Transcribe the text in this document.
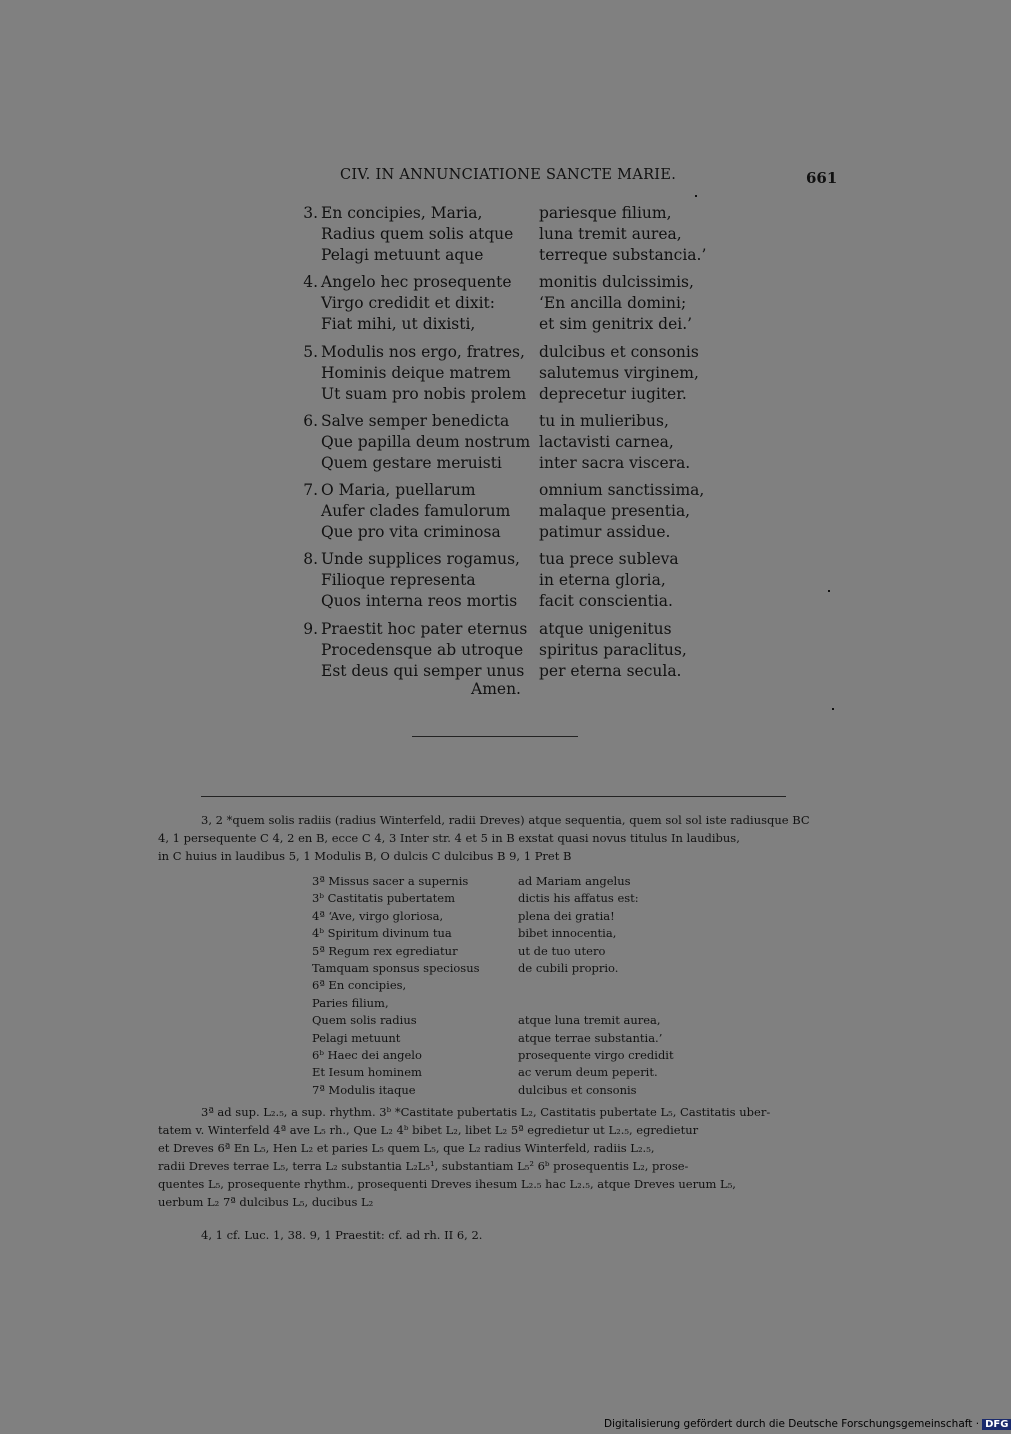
CIV. IN ANNUNCIATIONE SANCTE MARIE.	661
3. En concipies, Maria,
Radius quem solis atque
Pelagi metuunt aque
pariesque filium,
luna tremit aurea,
terreque substancia.’
4. Angelo hec prosequente
Virgo credidit et dixit:
Fiat mihi, ut dixisti,
monitis dulcissimis,
‘En ancilla domini;
et sim genitrix dei.’
5. Modulis nos ergo, fratres,
Hominis deique matrem
Ut suam pro nobis prolem
dulcibus et consonis
salutemus virginem,
deprecetur iugiter.
6. Salve semper benedicta
Que papilla deum nostrum
Quem gestare meruisti
tu in mulieribus,
lactavisti carnea,
inter sacra viscera.
7. O Maria, puellarum
Aufer clades famulorum
Que pro vita criminosa
omnium sanctissima,
malaque presentia,
patimur assidue.
8. Unde supplices rogamus,
Filioque representa
Quos interna reos mortis
tua prece subleva
in eterna gloria,
facit conscientia.
9. Praestit hoc pater eternus
Procedensque ab utroque
Est deus qui semper unus
atque unigenitus
spiritus paraclitus,
per eterna secula.
Amen.
3, 2 *quem solis radiis (radius Winterfeld, radii Dreves) atque sequentia, quem sol sol iste radiusque BC
4, 1 persequente C 4, 2 en B, ecce C 4, 3 Inter str. 4 et 5 in B exstat quasi novus titulus In laudibus,
in C huius in laudibus 5, 1 Modulis B, O dulcis C dulcibus B 9, 1 Pret B
3ª Missus sacer a supernis
3ᵇ Castitatis pubertatem
4ª ‘Ave, virgo gloriosa,
4ᵇ Spiritum divinum tua
5ª Regum rex egrediatur
Tamquam sponsus speciosus
6ª En concipies,
Paries filium,
Quem solis radius
Pelagi metuunt
6ᵇ Haec dei angelo
Et Iesum hominem
7ª Modulis itaque
ad Mariam angelus
dictis his affatus est:
plena dei gratia!
bibet innocentia,
ut de tuo utero
de cubili proprio.
atque luna tremit aurea,
atque terrae substantia.’
prosequente virgo credidit
ac verum deum peperit.
dulcibus et consonis
3ª ad sup. L₂.₅, a sup. rhythm. 3ᵇ *Castitate pubertatis L₂, Castitatis pubertate L₅, Castitatis uber-
tatem v. Winterfeld 4ª ave L₅ rh., Que L₂ 4ᵇ bibet L₂, libet L₂ 5ª egredietur ut L₂.₅, egredietur
et Dreves 6ª En L₅, Hen L₂ et paries L₅ quem L₅, que L₂ radius Winterfeld, radiis L₂.₅,
radii Dreves terrae L₅, terra L₂ substantia L₂L₅¹, substantiam L₅² 6ᵇ prosequentis L₂, prose-
quentes L₅, prosequente rhythm., prosequenti Dreves ihesum L₂.₅ hac L₂.₅, atque Dreves uerum L₅,
uerbum L₂ 7ª dulcibus L₅, ducibus L₂
4, 1 cf. Luc. 1, 38. 9, 1 Praestit: cf. ad rh. II 6, 2.
Digitalisierung gefördert durch die Deutsche Forschungsgemeinschaft · DFG
